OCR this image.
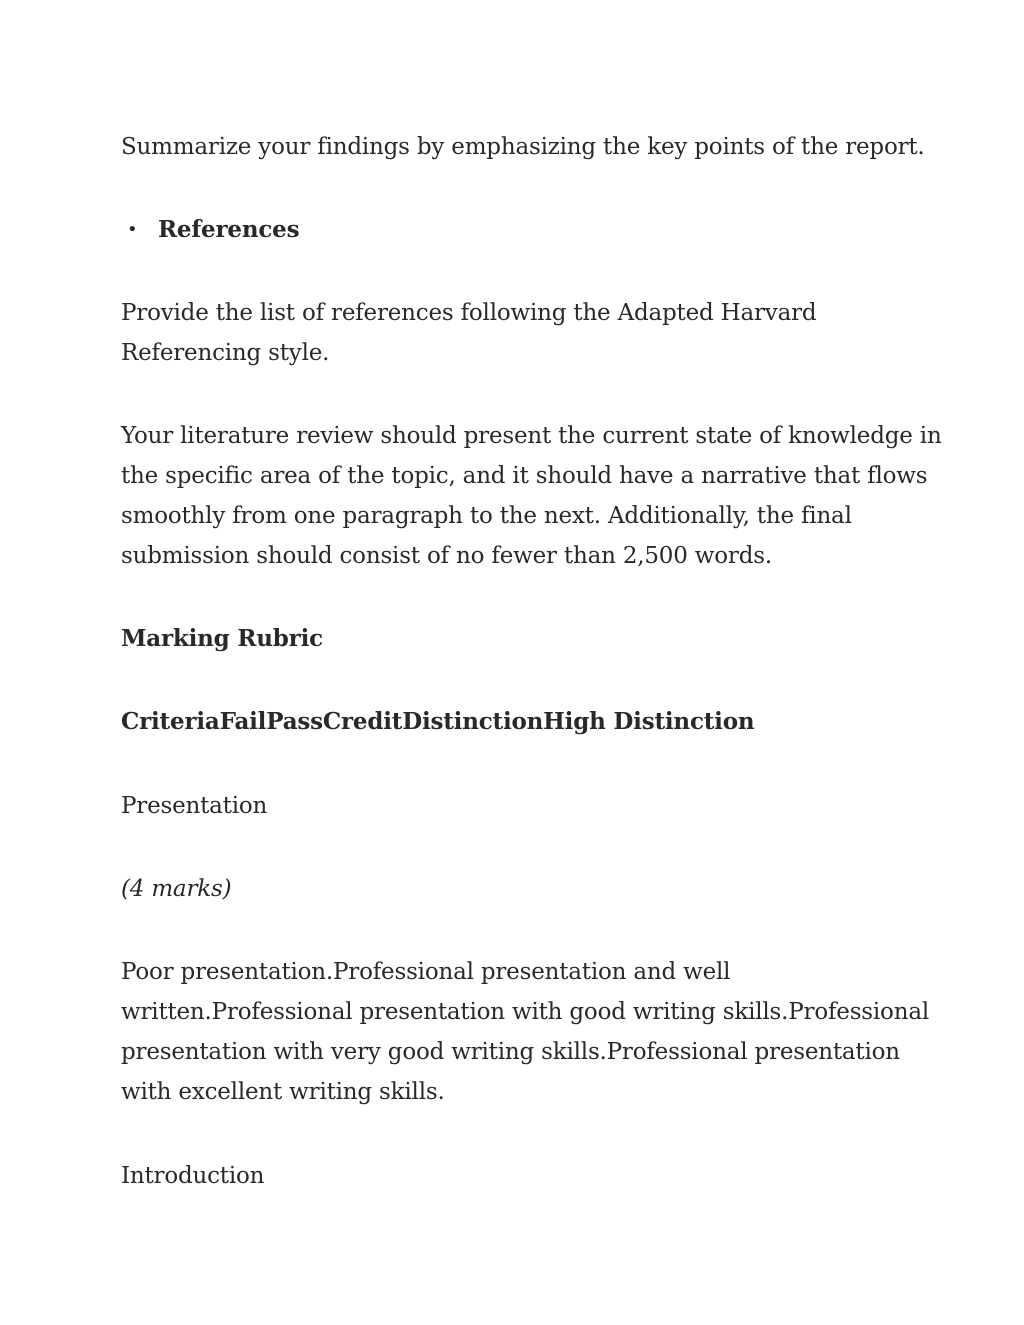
Summarize your findings by emphasizing the key points of the report.

• References

Provide the list of references following the Adapted Harvard
Referencing style.

Your literature review should present the current state of knowledge in
the specific area of the topic, and it should have a narrative that flows
smoothly from one paragraph to the next. Additionally, the final
submission should consist of no fewer than 2,500 words.

Marking Rubric

CriteriaFailPassCreditDistinctionHigh Distinction

Presentation

(4 marks)

Poor presentation.Professional presentation and well
written.Professional presentation with good writing skills.Professional
presentation with very good writing skills.Professional presentation
with excellent writing skills.

Introduction
